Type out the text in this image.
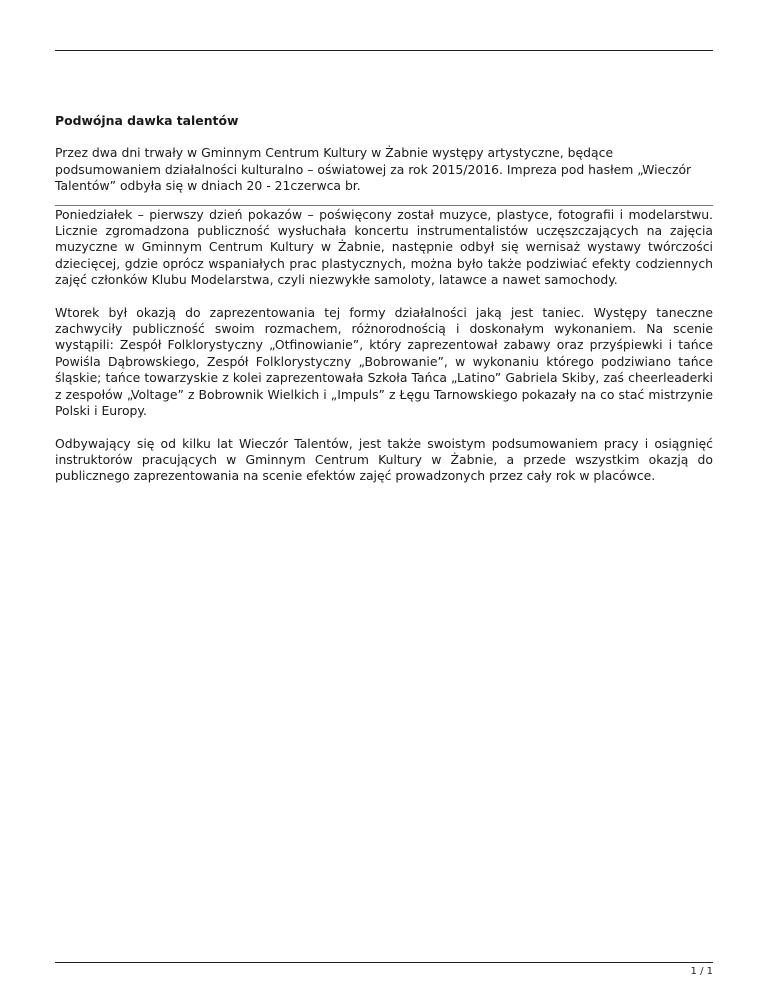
Podwójna dawka talentów
Przez dwa dni trwały w Gminnym Centrum Kultury w Żabnie występy artystyczne, będące podsumowaniem działalności kulturalno – oświatowej za rok 2015/2016. Impreza pod hasłem „Wieczór Talentów” odbyła się w dniach 20 - 21czerwca br.
Poniedziałek – pierwszy dzień pokazów – poświęcony został muzyce, plastyce, fotografii i modelarstwu. Licznie zgromadzona publiczność wysłuchała koncertu instrumentalistów uczęszczających na zajęcia muzyczne w Gminnym Centrum Kultury w Żabnie, następnie odbył się wernisaż wystawy twórczości dziecięcej, gdzie oprócz wspaniałych prac plastycznych, można było także podziwiać efekty codziennych zajęć członków Klubu Modelarstwa, czyli niezwykłe samoloty, latawce a nawet samochody.
Wtorek był okazją do zaprezentowania tej formy działalności jaką jest taniec. Występy taneczne zachwyciły publiczność swoim rozmachem, różnorodnością i doskonałym wykonaniem. Na scenie wystąpili: Zespół Folklorystyczny „Otfinowianie”, który zaprezentował zabawy oraz przyśpiewki i tańce Powiśla Dąbrowskiego, Zespół Folklorystyczny „Bobrowanie”, w wykonaniu którego podziwiano tańce śląskie; tańce towarzyskie z kolei zaprezentowała Szkoła Tańca „Latino” Gabriela Skiby, zaś cheerleaderki z zespołów „Voltage” z Bobrownik Wielkich i „Impuls” z Łęgu Tarnowskiego pokazały na co stać mistrzynie Polski i Europy.
Odbywający się od kilku lat Wieczór Talentów, jest także swoistym podsumowaniem pracy i osiągnięć instruktorów pracujących w Gminnym Centrum Kultury w Żabnie, a przede wszystkim okazją do publicznego zaprezentowania na scenie efektów zajęć prowadzonych przez cały rok w placówce.
1 / 1
